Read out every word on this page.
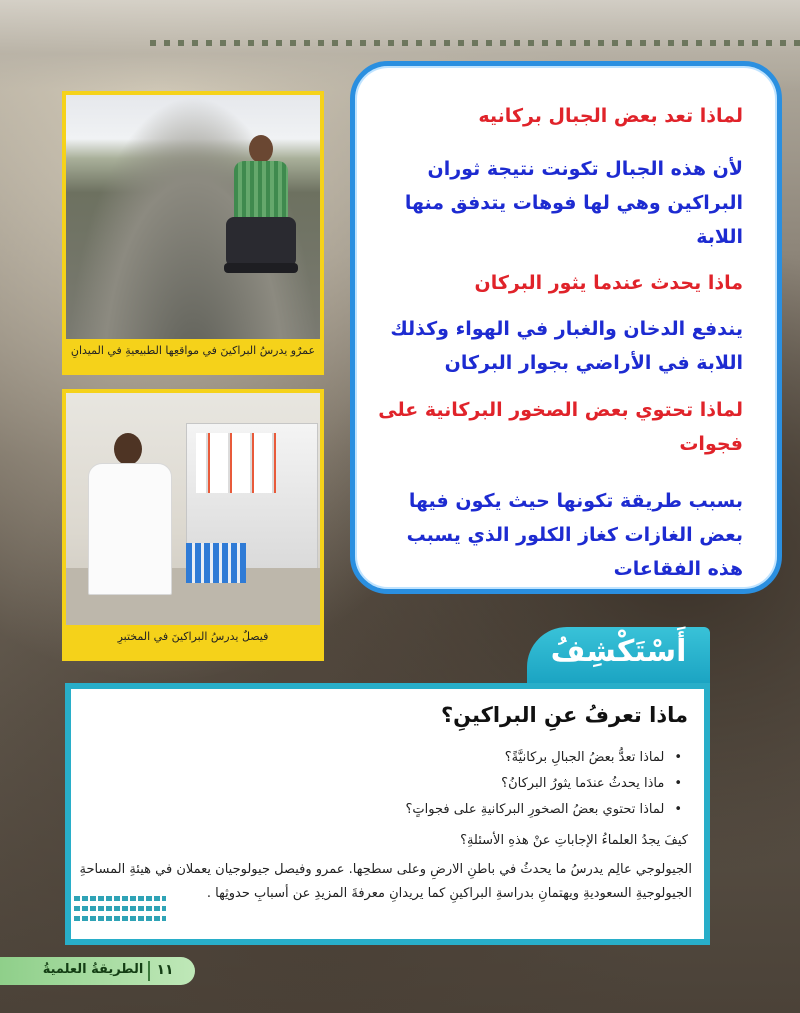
عمرٌو يدرسُ البراكينَ في مواقعِها الطبيعيةِ في الميدانِ
فيصلٌ يدرسُ البراكينَ في المختبرِ
لماذا تعد بعض الجبال بركانيه
لأن هذه الجبال تكونت نتيجة ثوران البراكين وهي لها فوهات يتدفق منها اللابة
ماذا يحدث عندما يثور البركان
يندفع الدخان والغبار في الهواء وكذلك اللابة في الأراضي بجوار البركان
لماذا تحتوي بعض الصخور البركانية على فجوات
بسبب طريقة تكونها حيث يكون فيها بعض الغازات كغاز الكلور الذي يسبب هذه الفقاعات
أَسْتَكْشِفُ
ماذا تعرفُ عنِ البراكينِ؟
• لماذا تعدُّ بعضُ الجبالِ بركانيَّةً؟
• ماذا يحدثُ عندَما يثورُ البركانُ؟
• لماذا تحتوي بعضُ الصخورِ البركانيةِ على فجواتٍ؟
كيفَ يجدُ العلماءُ الإجاباتِ عنْ هذهِ الأسئلةِ؟
الجيولوجي عالِم يدرسُ ما يحدثُ في باطنِ الارضِ وعلى سطحِها. عمرو وفيصل جيولوجيان يعملان في هيئةِ المساحةِ الجيولوجيةِ السعوديةِ ويهتمانِ بدراسةِ البراكينِ كما يريدانِ معرفةَ المزيدِ عن أسبابِ حدوثِها .
١١
الطريقةُ العلميةُ
